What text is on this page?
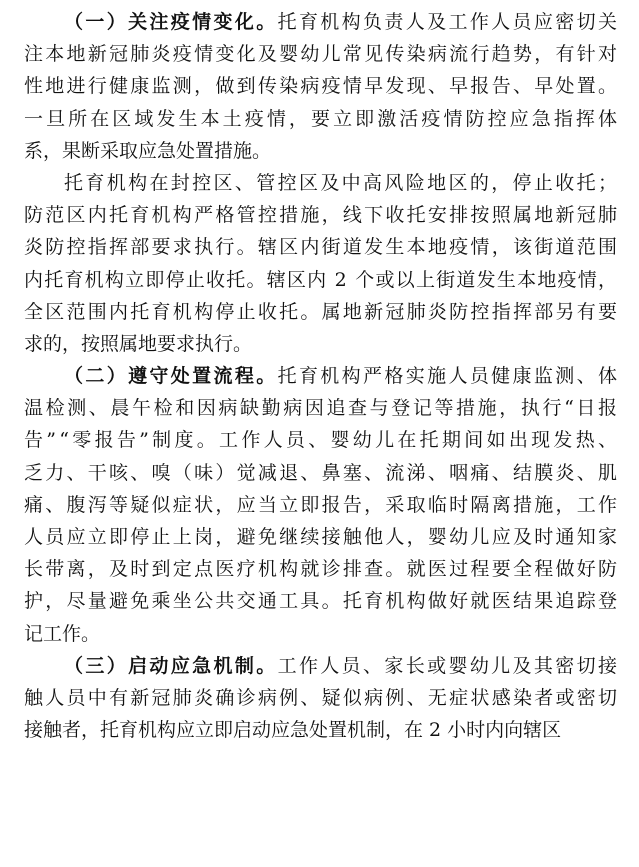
（一）关注疫情变化。 托育机构负责人及工作人员应密切关
注本地新冠肺炎疫情变化及婴幼儿常见传染病流行趋势，有针对
性地进行健康监测，做到传染病疫情早发现、早报告、早处置。
一旦所在区域发生本土疫情，要立即激活疫情防控应急指挥体
系，果断采取应急处置措施。
托育机构在封控区、管控区及中高风险地区的，停止收托；
防范区内托育机构严格管控措施，线下收托安排按照属地新冠肺
炎防控指挥部要求执行。辖区内街道发生本地疫情，该街道范围
内托育机构立即停止收托。辖区内 2 个或以上街道发生本地疫情，
全区范围内托育机构停止收托。属地新冠肺炎防控指挥部另有要
求的，按照属地要求执行。
（二）遵守处置流程。 托育机构严格实施人员健康监测、体
温检测、晨午检和因病缺勤病因追查与登记等措施，执行“日报
告”“零报告”制度。工作人员、婴幼儿在托期间如出现发热、
乏力、干咳、嗅（味）觉减退、鼻塞、流涕、咽痛、结膜炎、肌
痛、腹泻等疑似症状，应当立即报告，采取临时隔离措施，工作
人员应立即停止上岗，避免继续接触他人，婴幼儿应及时通知家
长带离，及时到定点医疗机构就诊排查。就医过程要全程做好防
护，尽量避免乘坐公共交通工具。托育机构做好就医结果追踪登
记工作。
（三）启动应急机制。 工作人员、家长或婴幼儿及其密切接
触人员中有新冠肺炎确诊病例、疑似病例、无症状感染者或密切
接触者，托育机构应立即启动应急处置机制，在 2 小时内向辖区
